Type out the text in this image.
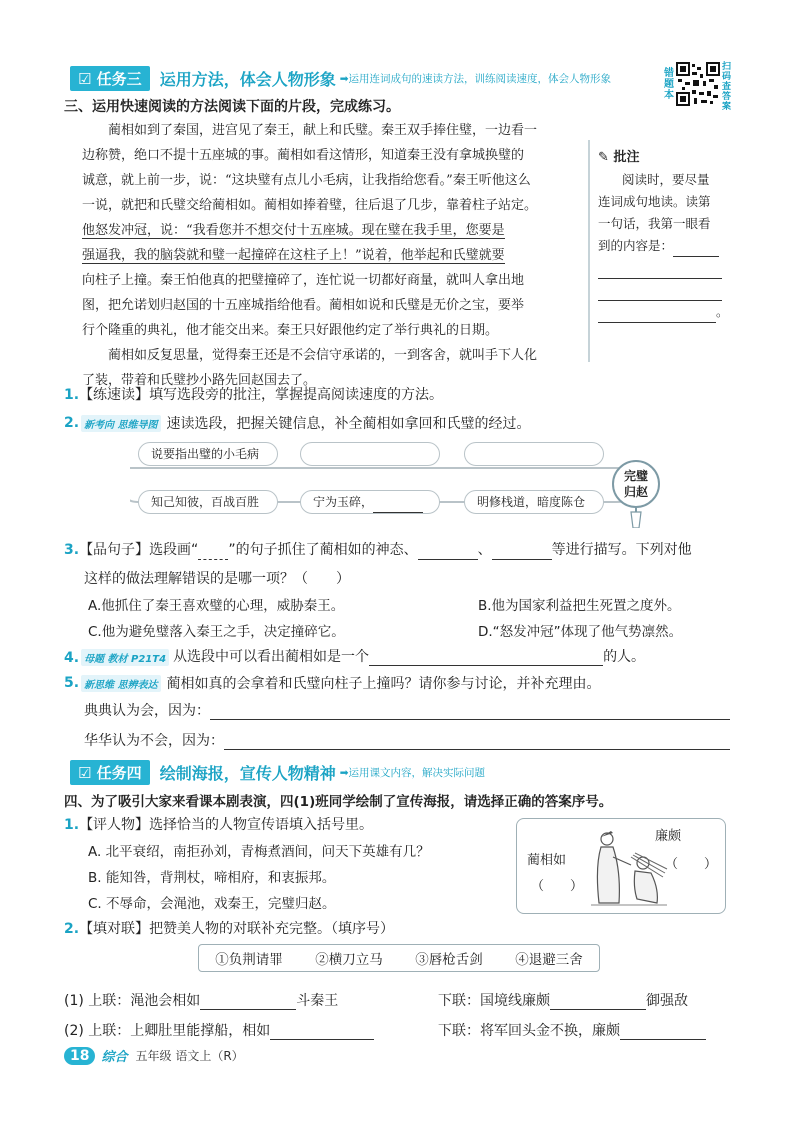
☑ 任务三	运用方法，体会人物形象 ➡运用连词成句的速读方法，训练阅读速度，体会人物形象	错题本
扫码查答案
三、运用快速阅读的方法阅读下面的片段，完成练习。
　　蔺相如到了秦国，进宫见了秦王，献上和氏璧。秦王双手捧住璧，一边看一
边称赞，绝口不提十五座城的事。蔺相如看这情形，知道秦王没有拿城换璧的
诚意，就上前一步，说：“这块璧有点儿小毛病，让我指给您看。”秦王听他这么
一说，就把和氏璧交给蔺相如。蔺相如捧着璧，往后退了几步，靠着柱子站定。
他怒发冲冠，说：“我看您并不想交付十五座城。现在璧在我手里，您要是
强逼我，我的脑袋就和璧一起撞碎在这柱子上！”说着，他举起和氏璧就要
向柱子上撞。秦王怕他真的把璧撞碎了，连忙说一切都好商量，就叫人拿出地
图，把允诺划归赵国的十五座城指给他看。蔺相如说和氏璧是无价之宝，要举
行个隆重的典礼，他才能交出来。秦王只好跟他约定了举行典礼的日期。
　　蔺相如反复思量，觉得秦王还是不会信守承诺的，一到客舍，就叫手下人化
了装，带着和氏璧抄小路先回赵国去了。
✎ 批注
阅读时，要尽量
连词成句地读。读第
一句话，我第一眼看
到的内容是：
。
1.【练速读】填写选段旁的批注，掌握提高阅读速度的方法。
2. 新考向 思维导图 速读选段，把握关键信息，补全蔺相如拿回和氏璧的经过。
说要指出璧的小毛病
知己知彼，百战百胜	宁为玉碎，	明修栈道，暗度陈仓
完璧
归赵
3.【品句子】选段画“ ”的句子抓住了蔺相如的神态、	、	等进行描写。下列对他
这样的做法理解错误的是哪一项？（　　）
A.他抓住了秦王喜欢璧的心理，威胁秦王。	B.他为国家利益把生死置之度外。
C.他为避免璧落入秦王之手，决定撞碎它。	D.“怒发冲冠”体现了他气势凛然。
4. 母题 教材 P21T4 从选段中可以看出蔺相如是一个	的人。
5. 新思维 思辨表达 蔺相如真的会拿着和氏璧向柱子上撞吗？请你参与讨论，并补充理由。
典典认为会，因为：
华华认为不会，因为：
☑ 任务四	绘制海报，宣传人物精神 ➡运用课文内容，解决实际问题
四、为了吸引大家来看课本剧表演，四(1)班同学绘制了宣传海报，请选择正确的答案序号。
1.【评人物】选择恰当的人物宣传语填入括号里。
A. 北平衰绍，南拒孙刘，青梅煮酒间，问天下英雄有几？
B. 能知咎，背荆杖，啼相府，和衷振邦。
C. 不辱命，会渑池，戏秦王，完璧归赵。
蔺相如
（　　）
廉颇
（　　）
2.【填对联】把赞美人物的对联补充完整。（填序号）
①负荆请罪 ②横刀立马 ③唇枪舌剑 ④退避三舍
(1) 上联： 渑池会相如	斗秦王	下联： 国境线廉颇	御强敌
(2) 上联： 上卿肚里能撑船，相如	下联： 将军回头金不换，廉颇
18 综合 五年级 语文上（R）
